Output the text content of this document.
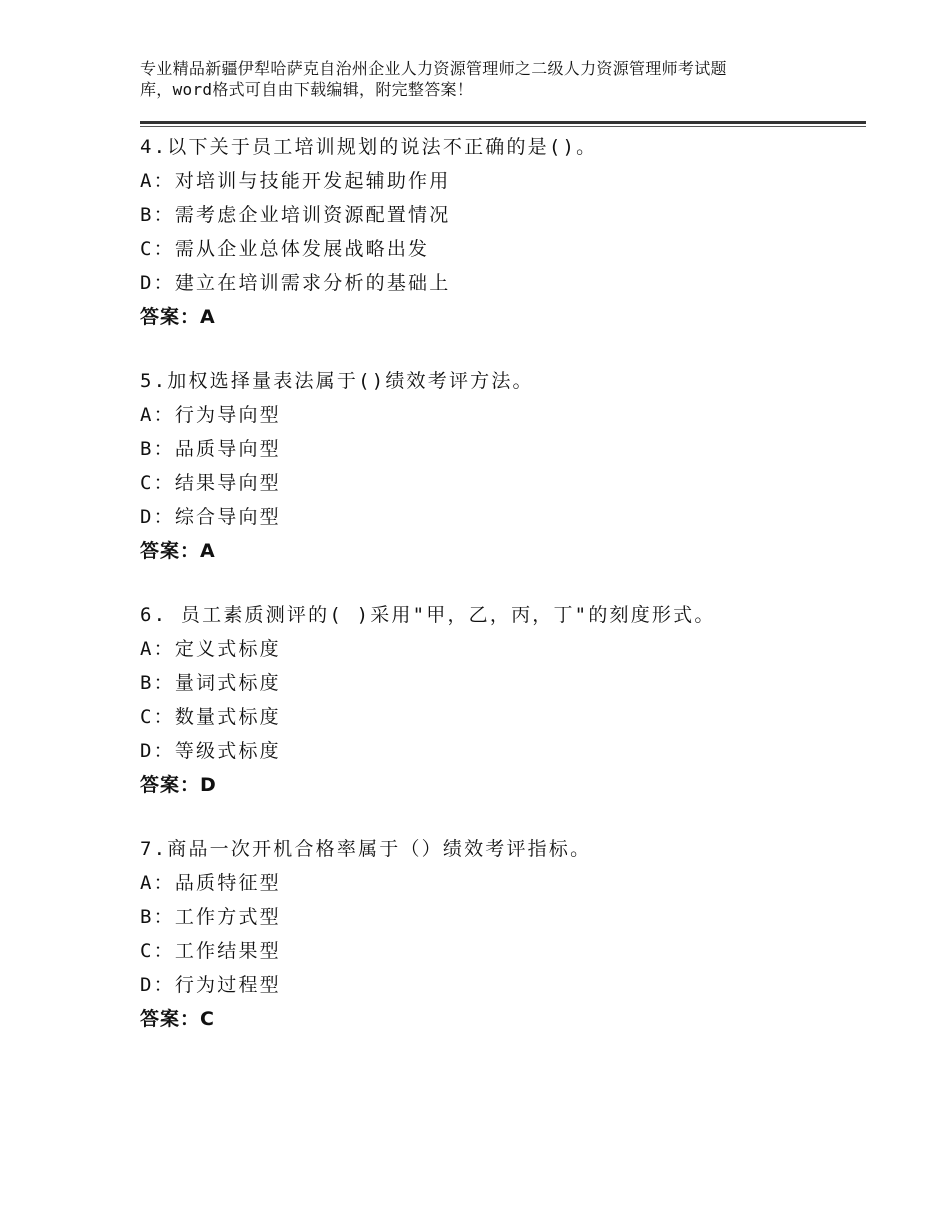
专业精品新疆伊犁哈萨克自治州企业人力资源管理师之二级人力资源管理师考试题
库，word格式可自由下载编辑，附完整答案！
4.以下关于员工培训规划的说法不正确的是()。
A：对培训与技能开发起辅助作用
B：需考虑企业培训资源配置情况
C：需从企业总体发展战略出发
D：建立在培训需求分析的基础上
答案：A
5.加权选择量表法属于()绩效考评方法。
A：行为导向型
B：品质导向型
C：结果导向型
D：综合导向型
答案：A
6. 员工素质测评的( )采用"甲，乙，丙，丁"的刻度形式。
A：定义式标度
B：量词式标度
C：数量式标度
D：等级式标度
答案：D
7.商品一次开机合格率属于（）绩效考评指标。
A：品质特征型
B：工作方式型
C：工作结果型
D：行为过程型
答案：C
